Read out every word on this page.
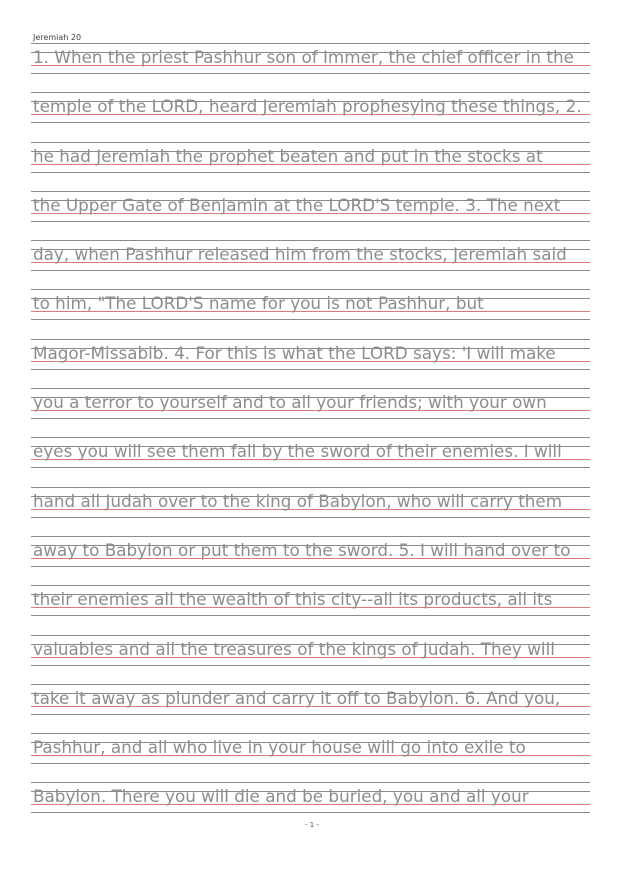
Jeremiah 20
1. When the priest Pashhur son of Immer, the chief officer in the
temple of the LORD, heard Jeremiah prophesying these things, 2.
he had Jeremiah the prophet beaten and put in the stocks at
the Upper Gate of Benjamin at the LORD'S temple. 3. The next
day, when Pashhur released him from the stocks, Jeremiah said
to him, "The LORD'S name for you is not Pashhur, but
Magor-Missabib. 4. For this is what the LORD says: 'I will make
you a terror to yourself and to all your friends; with your own
eyes you will see them fall by the sword of their enemies. I will
hand all Judah over to the king of Babylon, who will carry them
away to Babylon or put them to the sword. 5. I will hand over to
their enemies all the wealth of this city--all its products, all its
valuables and all the treasures of the kings of Judah. They will
take it away as plunder and carry it off to Babylon. 6. And you,
Pashhur, and all who live in your house will go into exile to
Babylon. There you will die and be buried, you and all your
- 1 -
